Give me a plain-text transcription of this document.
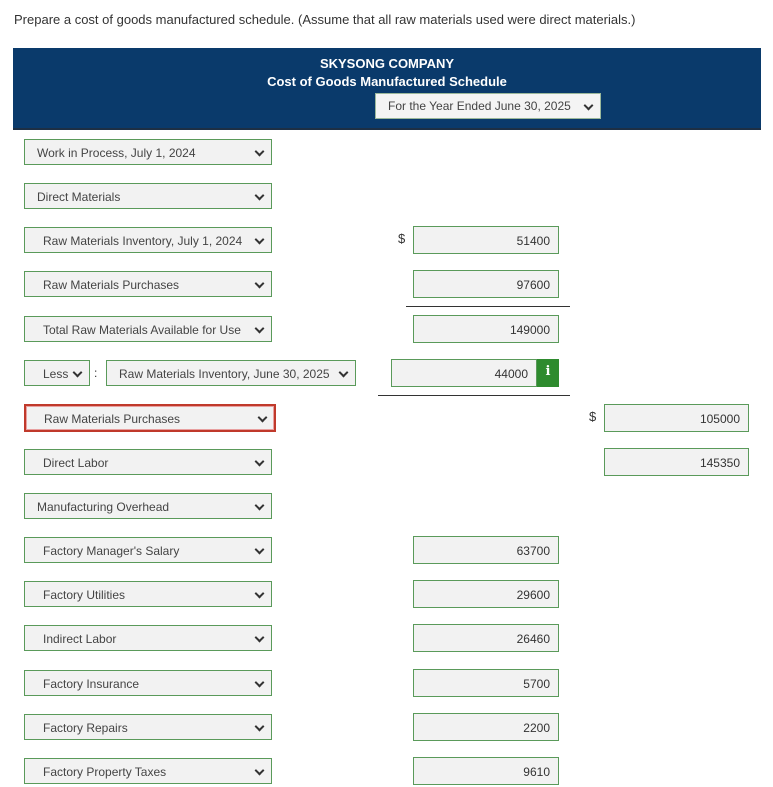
Prepare a cost of goods manufactured schedule. (Assume that all raw materials used were direct materials.)
SKYSONG COMPANY
Cost of Goods Manufactured Schedule
For the Year Ended June 30, 2025
Work in Process, July 1, 2024
Direct Materials
Raw Materials Inventory, July 1, 2024	$	51400
Raw Materials Purchases	97600
Total Raw Materials Available for Use	149000
Less	:	Raw Materials Inventory, June 30, 2025	44000	i
Raw Materials Purchases	$	105000
Direct Labor	145350
Manufacturing Overhead
Factory Manager's Salary	63700
Factory Utilities	29600
Indirect Labor	26460
Factory Insurance	5700
Factory Repairs	2200
Factory Property Taxes	9610
